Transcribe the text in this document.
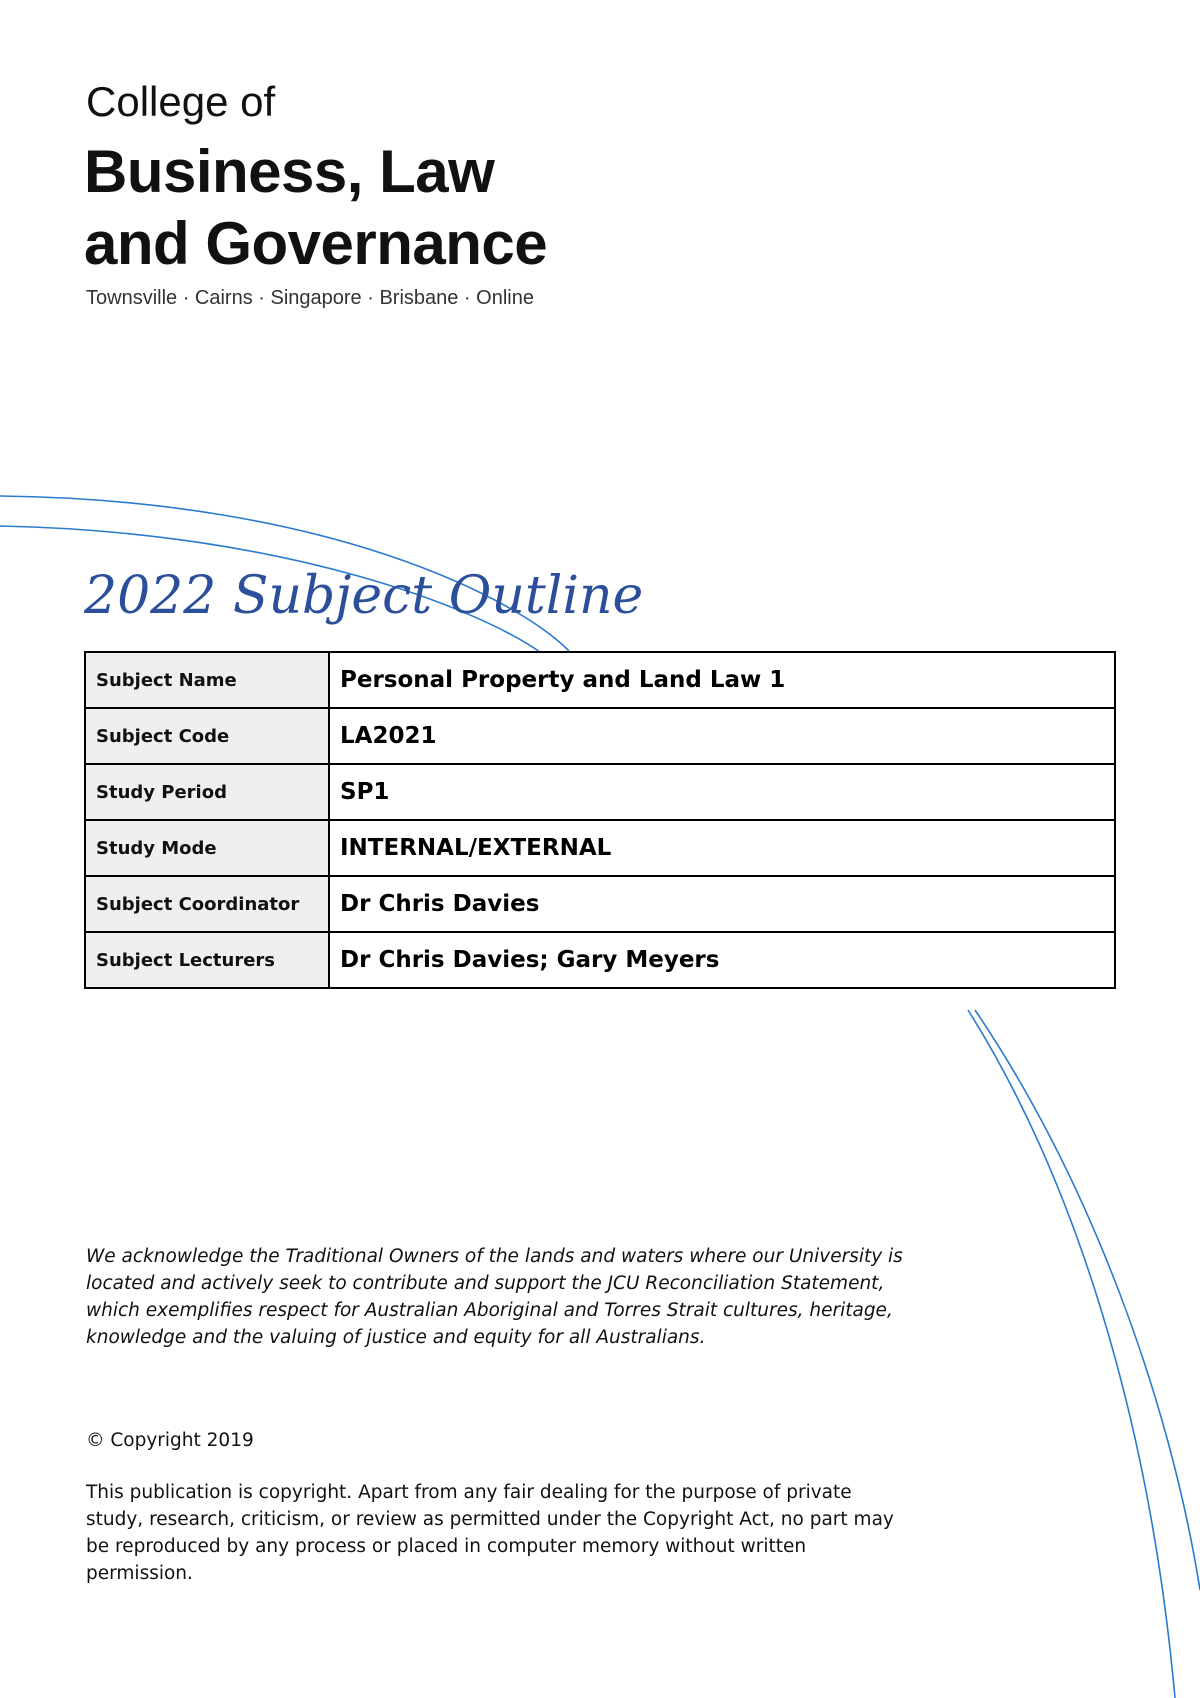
College of
Business, Law
and Governance
Townsville · Cairns · Singapore · Brisbane · Online
2022 Subject Outline
Subject Name	Personal Property and Land Law 1
Subject Code	LA2021
Study Period	SP1
Study Mode	INTERNAL/EXTERNAL
Subject Coordinator	Dr Chris Davies
Subject Lecturers	Dr Chris Davies; Gary Meyers
We acknowledge the Traditional Owners of the lands and waters where our University is located and actively seek to contribute and support the JCU Reconciliation Statement, which exemplifies respect for Australian Aboriginal and Torres Strait cultures, heritage, knowledge and the valuing of justice and equity for all Australians.
© Copyright 2019
This publication is copyright. Apart from any fair dealing for the purpose of private study, research, criticism, or review as permitted under the Copyright Act, no part may be reproduced by any process or placed in computer memory without written permission.
